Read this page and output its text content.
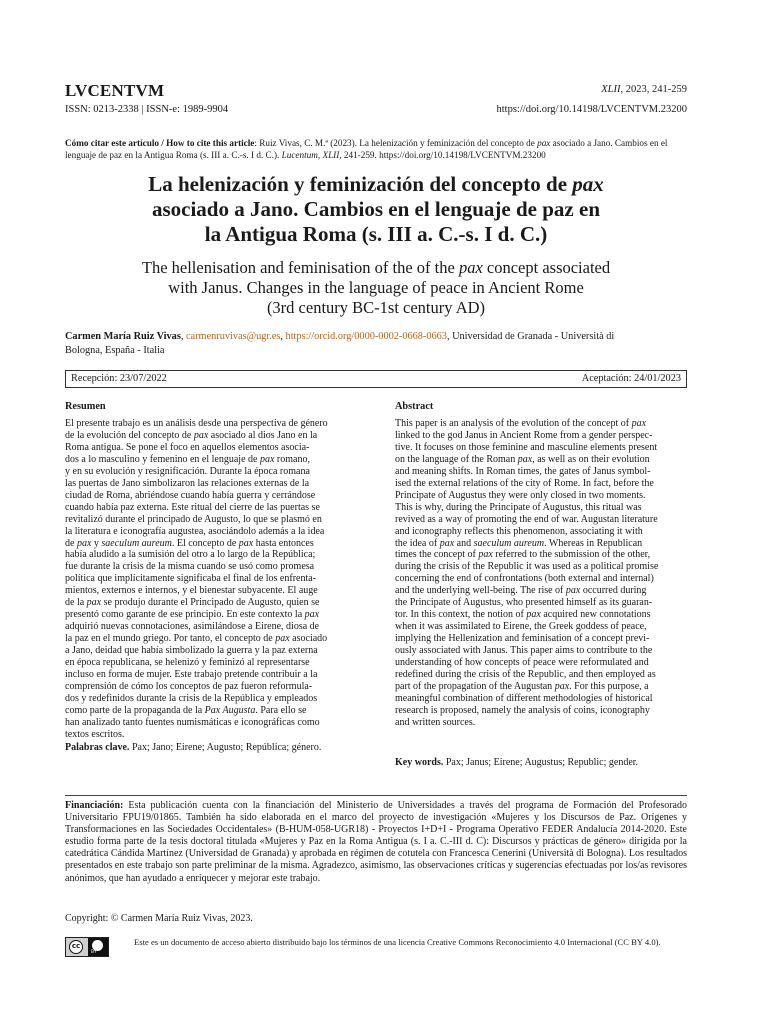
LVCENTVM
ISSN: 0213-2338 | ISSN-e: 1989-9904
XLII, 2023, 241-259
https://doi.org/10.14198/LVCENTVM.23200
Cómo citar este artículo / How to cite this article: Ruiz Vivas, C. M.ª (2023). La helenización y feminización del concepto de pax asociado a Jano. Cambios en el lenguaje de paz en la Antigua Roma (s. III a. C.-s. I d. C.). Lucentum, XLII, 241-259. https://doi.org/10.14198/LVCENTVM.23200
La helenización y feminización del concepto de pax
asociado a Jano. Cambios en el lenguaje de paz en
la Antigua Roma (s. III a. C.-s. I d. C.)
The hellenisation and feminisation of the of the pax concept associated
with Janus. Changes in the language of peace in Ancient Rome
(3rd century BC-1st century AD)
Carmen María Ruiz Vivas, carmenruvivas@ugr.es, https://orcid.org/0000-0002-0668-0663, Universidad de Granada - Università di
Bologna, España - Italia
Recepción: 23/07/2022	Aceptación: 24/01/2023
Resumen
El presente trabajo es un análisis desde una perspectiva de género
de la evolución del concepto de pax asociado al dios Jano en la
Roma antigua. Se pone el foco en aquellos elementos asocia-
dos a lo masculino y femenino en el lenguaje de pax romano,
y en su evolución y resignificación. Durante la época romana
las puertas de Jano simbolizaron las relaciones externas de la
ciudad de Roma, abriéndose cuando había guerra y cerrándose
cuando había paz externa. Este ritual del cierre de las puertas se
revitalizó durante el principado de Augusto, lo que se plasmó en
la literatura e iconografía augustea, asociándolo además a la idea
de pax y saeculum aureum. El concepto de pax hasta entonces
había aludido a la sumisión del otro a lo largo de la República;
fue durante la crisis de la misma cuando se usó como promesa
política que implícitamente significaba el final de los enfrenta-
mientos, externos e internos, y el bienestar subyacente. El auge
de la pax se produjo durante el Principado de Augusto, quien se
presentó como garante de ese principio. En este contexto la pax
adquirió nuevas connotaciones, asimilándose a Eirene, diosa de
la paz en el mundo griego. Por tanto, el concepto de pax asociado
a Jano, deidad que había simbolizado la guerra y la paz externa
en época republicana, se helenizó y feminizó al representarse
incluso en forma de mujer. Este trabajo pretende contribuir a la
comprensión de cómo los conceptos de paz fueron reformula-
dos y redefinidos durante la crisis de la República y empleados
como parte de la propaganda de la Pax Augusta. Para ello se
han analizado tanto fuentes numismáticas e iconográficas como
textos escritos.
Palabras clave. Pax; Jano; Eirene; Augusto; República; género.
Abstract
This paper is an analysis of the evolution of the concept of pax
linked to the god Janus in Ancient Rome from a gender perspec-
tive. It focuses on those feminine and masculine elements present
on the language of the Roman pax, as well as on their evolution
and meaning shifts. In Roman times, the gates of Janus symbol-
ised the external relations of the city of Rome. In fact, before the
Principate of Augustus they were only closed in two moments.
This is why, during the Principate of Augustus, this ritual was
revived as a way of promoting the end of war. Augustan literature
and iconography reflects this phenomenon, associating it with
the idea of pax and saeculum aureum. Whereas in Republican
times the concept of pax referred to the submission of the other,
during the crisis of the Republic it was used as a political promise
concerning the end of confrontations (both external and internal)
and the underlying well-being. The rise of pax occurred during
the Principate of Augustus, who presented himself as its guaran-
tor. In this context, the notion of pax acquired new connotations
when it was assimilated to Eirene, the Greek goddess of peace,
implying the Hellenization and feminisation of a concept previ-
ously associated with Janus. This paper aims to contribute to the
understanding of how concepts of peace were reformulated and
redefined during the crisis of the Republic, and then employed as
part of the propagation of the Augustan pax. For this purpose, a
meaningful combination of different methodologies of historical
research is proposed, namely the analysis of coins, iconography
and written sources.
Key words. Pax; Janus; Eirene; Augustus; Republic; gender.
Financiación: Esta publicación cuenta con la financiación del Ministerio de Universidades a través del programa de Formación del Profesorado Universitario FPU19/01865. También ha sido elaborada en el marco del proyecto de investigación «Mujeres y los Discursos de Paz. Orígenes y Transformaciones en las Sociedades Occidentales» (B-HUM-058-UGR18) - Proyectos I+D+I - Programa Operativo FEDER Andalucía 2014-2020. Este estudio forma parte de la tesis doctoral titulada «Mujeres y Paz en la Roma Antigua (s. I a. C.-III d. C): Discursos y prácticas de género» dirigida por la catedrática Cándida Martínez (Universidad de Granada) y aprobada en régimen de cotutela con Francesca Cenerini (Università di Bologna). Los resultados presentados en este trabajo son parte preliminar de la misma. Agradezco, asimismo, las observaciones críticas y sugerencias efectuadas por los/as revisores anónimos, que han ayudado a enriquecer y mejorar este trabajo.
Copyright: © Carmen María Ruiz Vivas, 2023.
cc
BY
Este es un documento de acceso abierto distribuido bajo los términos de una licencia Creative Commons Reconocimiento 4.0 Internacional (CC BY 4.0).
